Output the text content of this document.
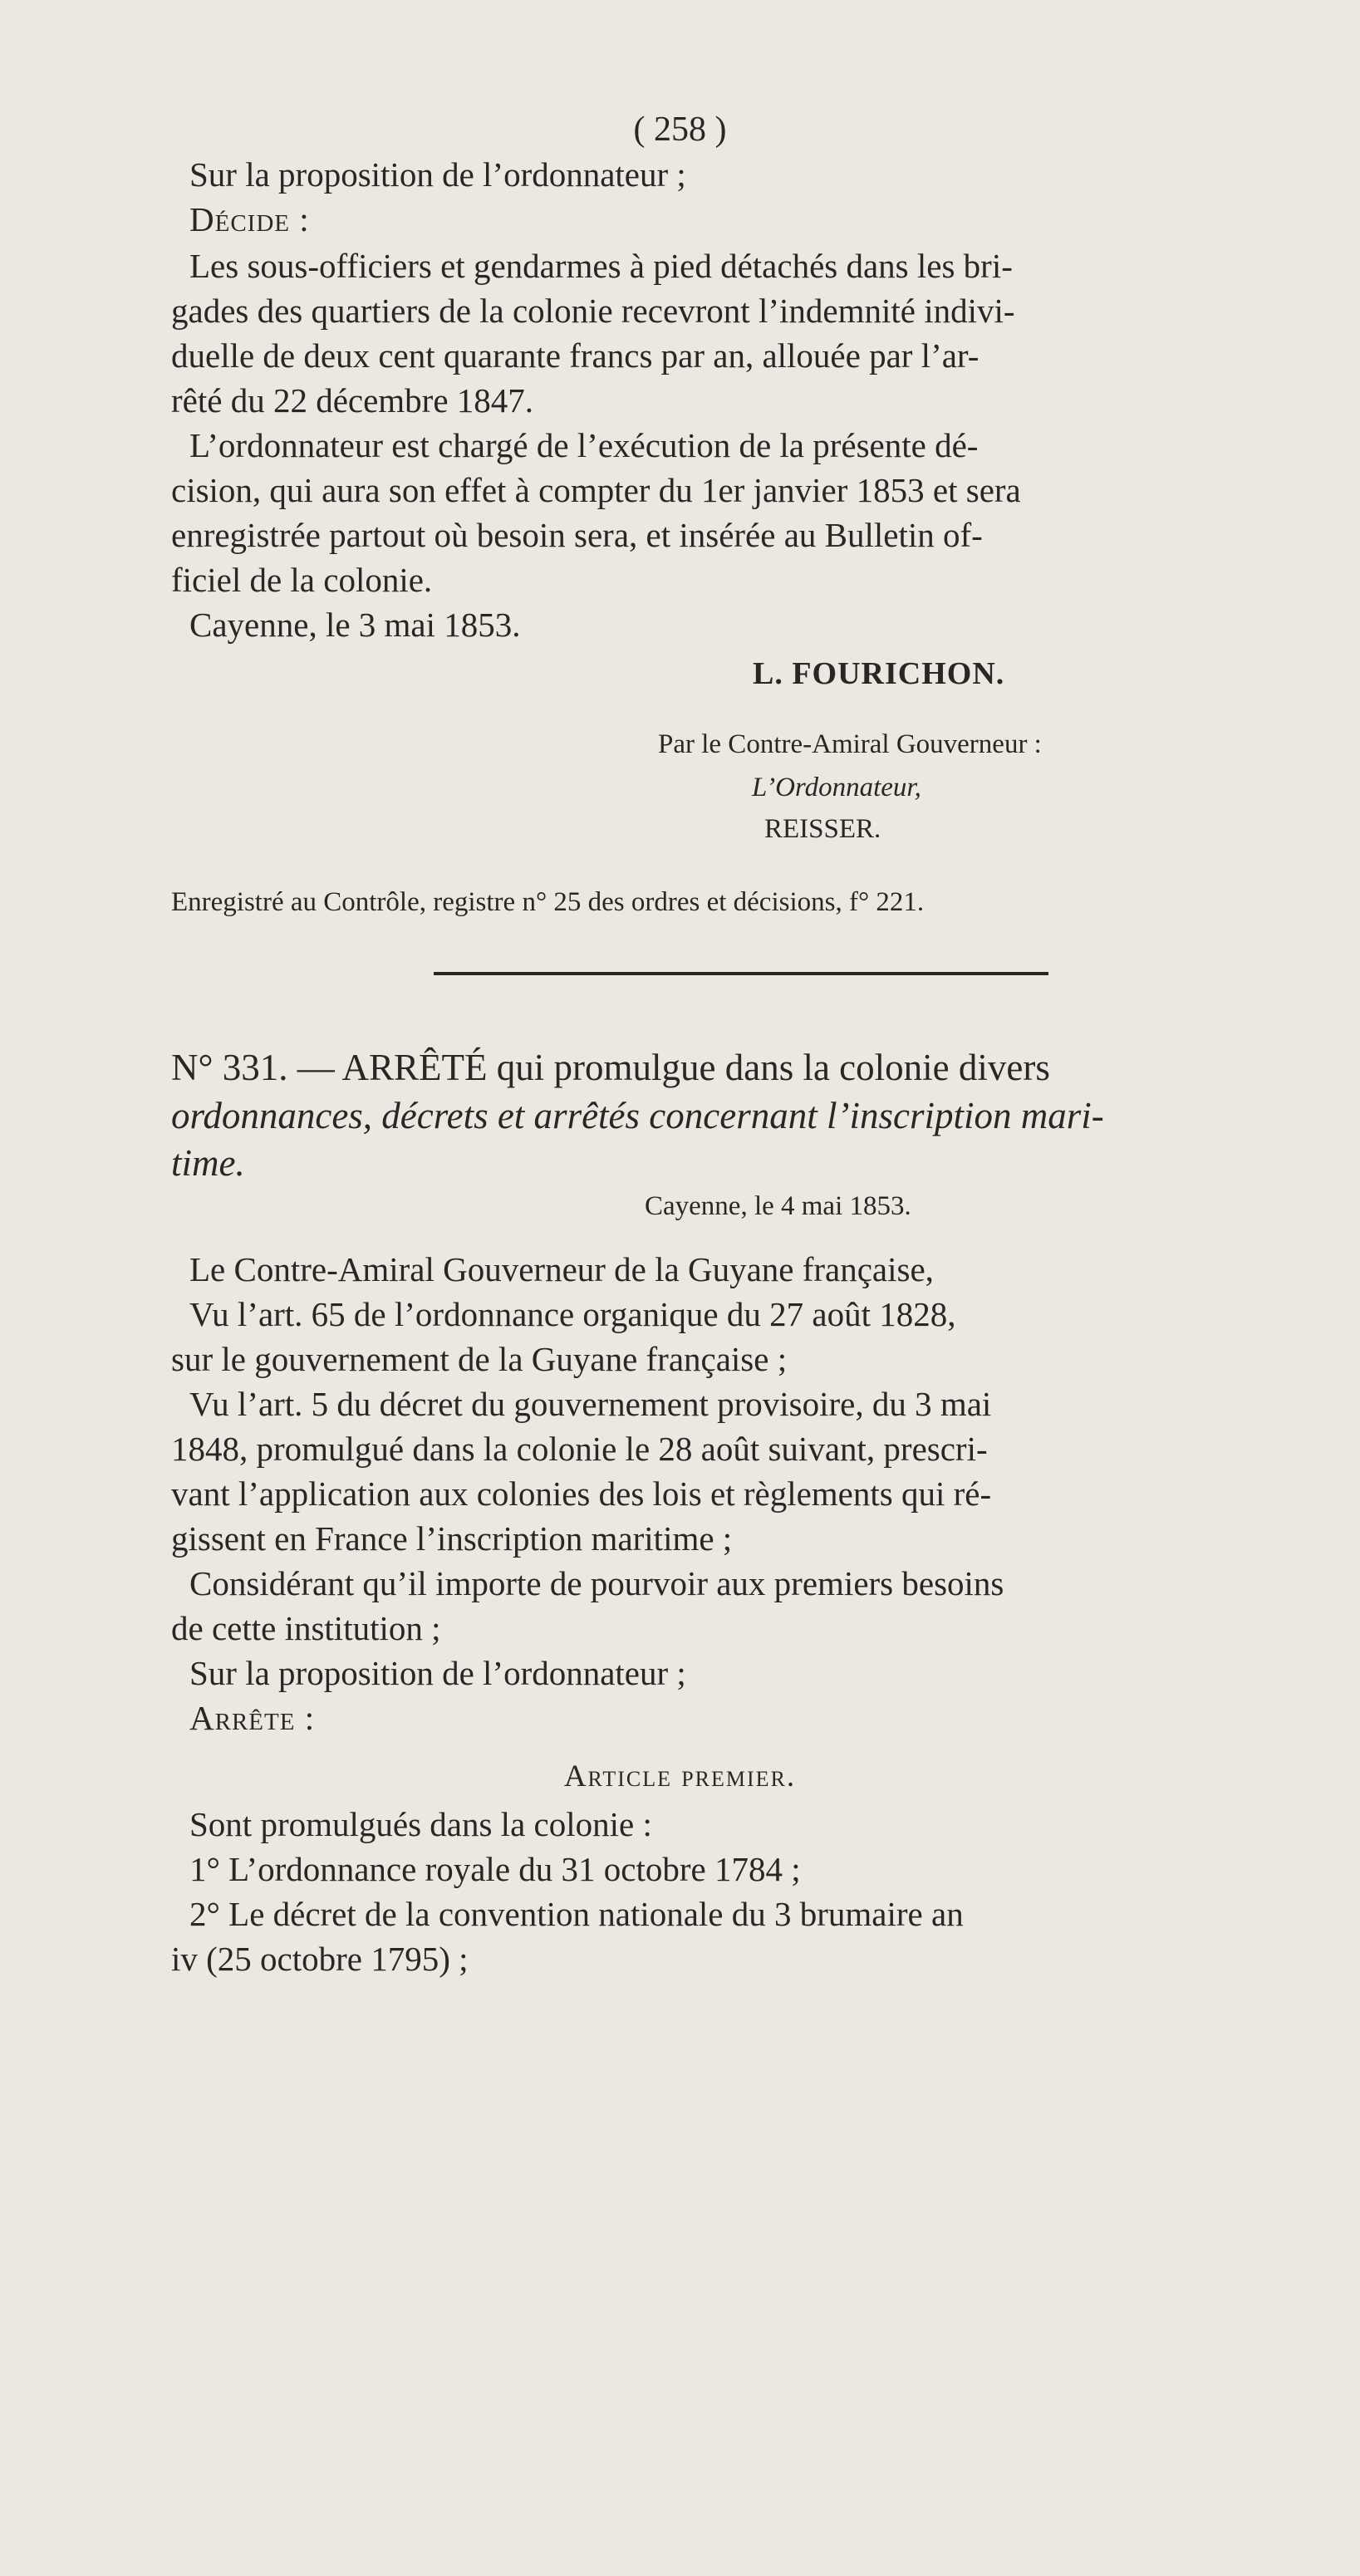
( 258 )
Sur la proposition de l’ordonnateur ;
Décide :
Les sous-officiers et gendarmes à pied détachés dans les bri-
gades des quartiers de la colonie recevront l’indemnité indivi-
duelle de deux cent quarante francs par an, allouée par l’ar-
rêté du 22 décembre 1847.
L’ordonnateur est chargé de l’exécution de la présente dé-
cision, qui aura son effet à compter du 1er janvier 1853 et sera
enregistrée partout où besoin sera, et insérée au Bulletin of-
ficiel de la colonie.
Cayenne, le 3 mai 1853.
L. FOURICHON.
Par le Contre-Amiral Gouverneur :
L’Ordonnateur,
REISSER.
Enregistré au Contrôle, registre n° 25 des ordres et décisions, f° 221.
N° 331. — ARRÊTÉ qui promulgue dans la colonie divers
ordonnances, décrets et arrêtés concernant l’inscription mari-
time.
Cayenne, le 4 mai 1853.
Le Contre-Amiral Gouverneur de la Guyane française,
Vu l’art. 65 de l’ordonnance organique du 27 août 1828,
sur le gouvernement de la Guyane française ;
Vu l’art. 5 du décret du gouvernement provisoire, du 3 mai
1848, promulgué dans la colonie le 28 août suivant, prescri-
vant l’application aux colonies des lois et règlements qui ré-
gissent en France l’inscription maritime ;
Considérant qu’il importe de pourvoir aux premiers besoins
de cette institution ;
Sur la proposition de l’ordonnateur ;
Arrête :
Article premier.
Sont promulgués dans la colonie :
1° L’ordonnance royale du 31 octobre 1784 ;
2° Le décret de la convention nationale du 3 brumaire an
iv (25 octobre 1795) ;
